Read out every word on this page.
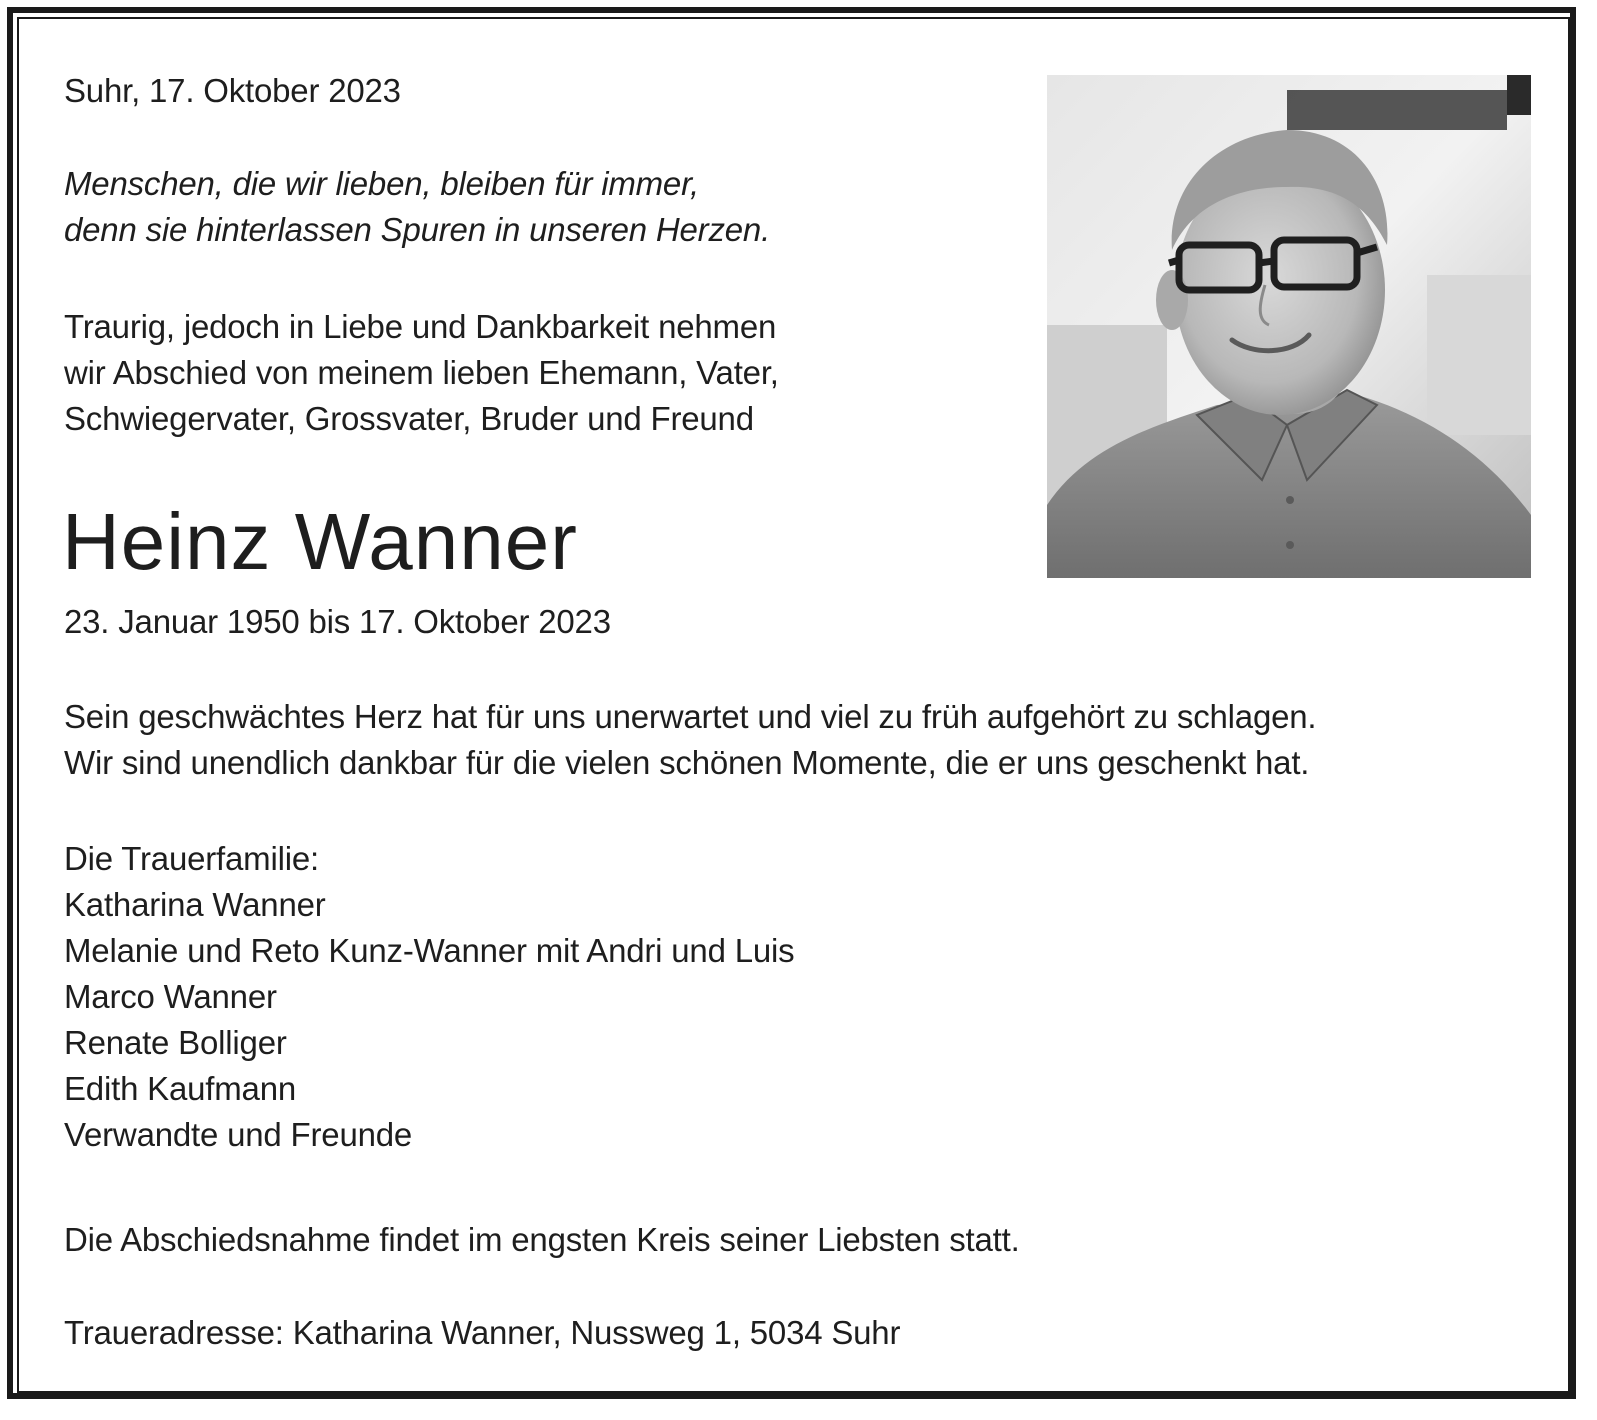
Suhr, 17. Oktober 2023

Menschen, die wir lieben, bleiben für immer,
denn sie hinterlassen Spuren in unseren Herzen.
Traurig, jedoch in Liebe und Dankbarkeit nehmen
wir Abschied von meinem lieben Ehemann, Vater,
Schwiegervater, Grossvater, Bruder und Freund
Heinz Wanner

23. Januar 1950 bis 17. Oktober 2023

Sein geschwächtes Herz hat für uns unerwartet und viel zu früh aufgehört zu schlagen.
Wir sind unendlich dankbar für die vielen schönen Momente, die er uns geschenkt hat.
Die Trauerfamilie:
Katharina Wanner
Melanie und Reto Kunz-Wanner mit Andri und Luis
Marco Wanner
Renate Bolliger
Edith Kaufmann
Verwandte und Freunde

Die Abschiedsnahme findet im engsten Kreis seiner Liebsten statt.

Traueradresse: Katharina Wanner, Nussweg 1, 5034 Suhr
